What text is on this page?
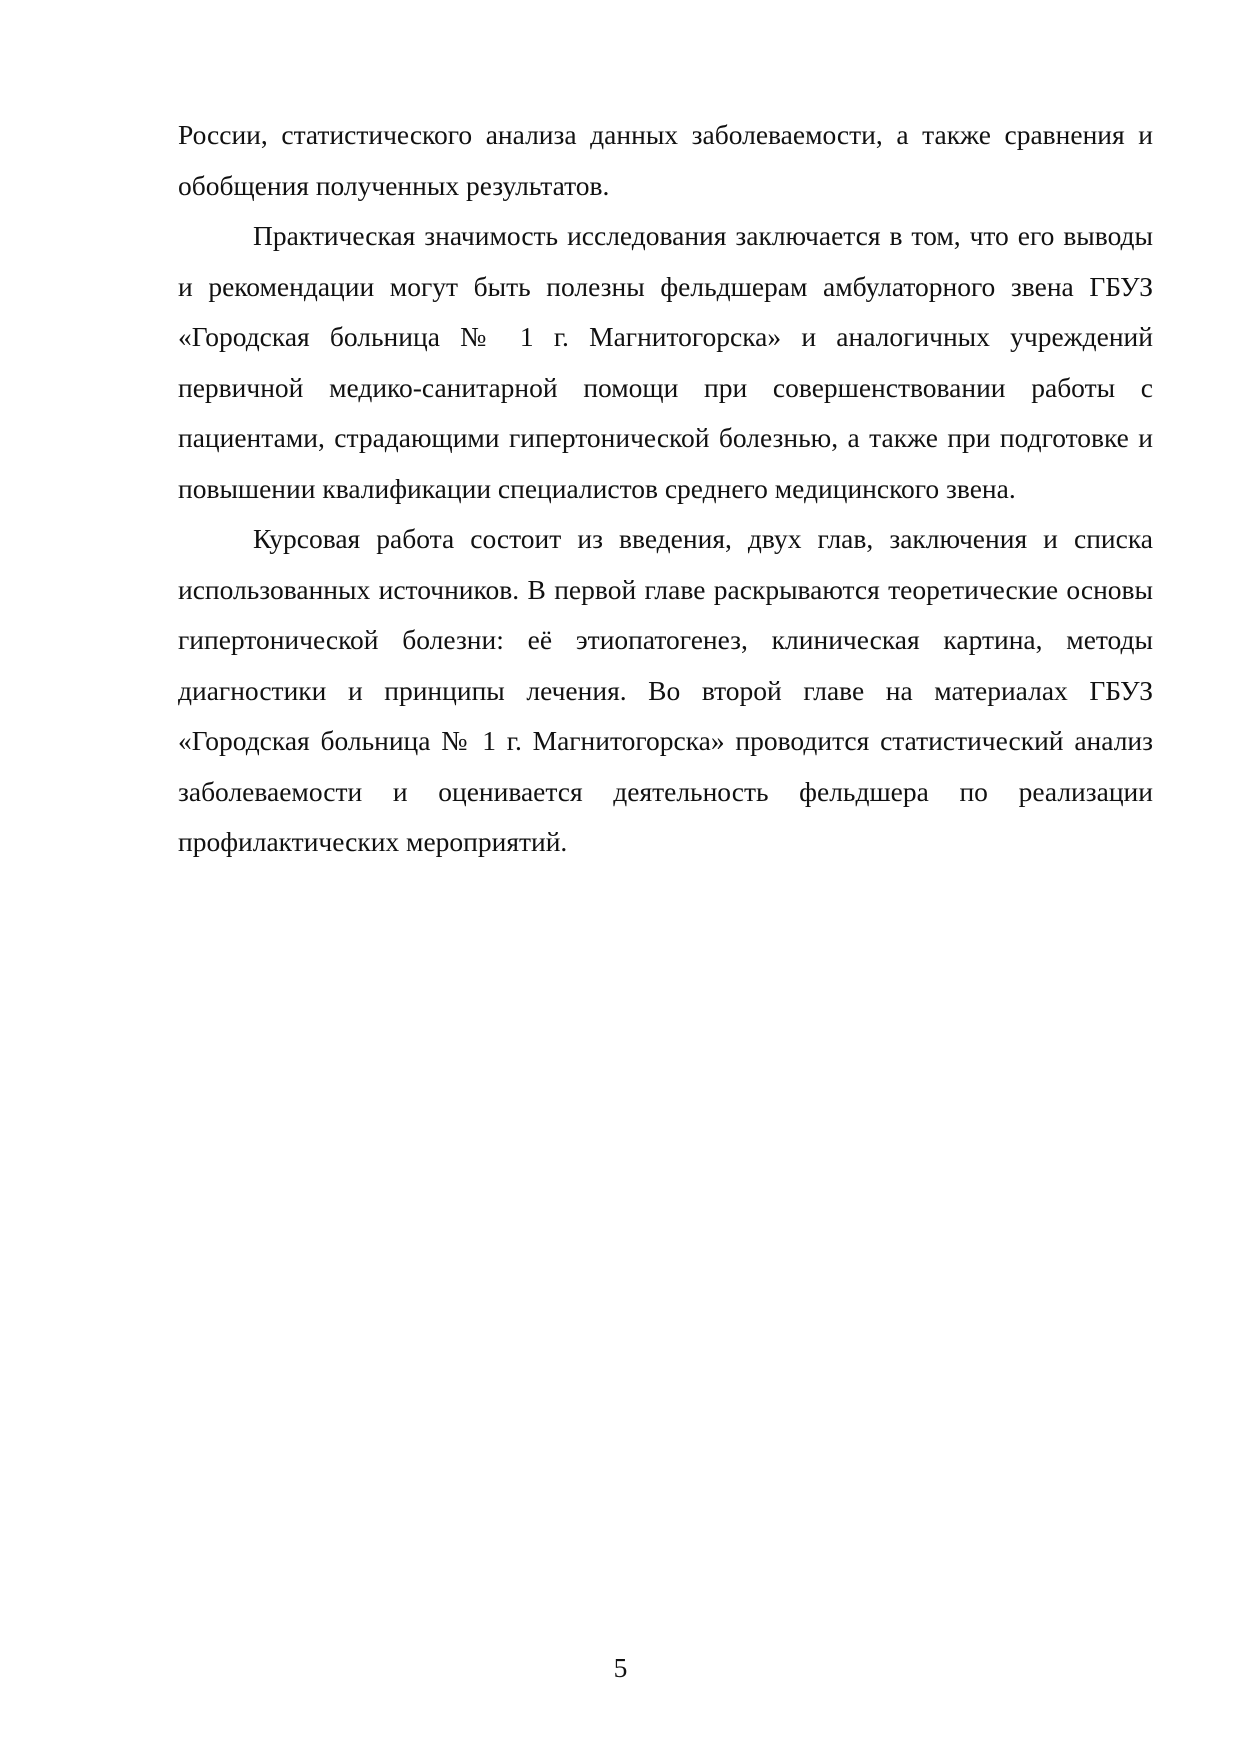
России, статистического анализа данных заболеваемости, а также сравнения и обобщения полученных результатов.

Практическая значимость исследования заключается в том, что его выводы и рекомендации могут быть полезны фельдшерам амбулаторного звена ГБУЗ «Городская больница № 1 г. Магнитогорска» и аналогичных учреждений первичной медико-санитарной помощи при совершенствовании работы с пациентами, страдающими гипертонической болезнью, а также при подготовке и повышении квалификации специалистов среднего медицинского звена.

Курсовая работа состоит из введения, двух глав, заключения и списка использованных источников. В первой главе раскрываются теоретические основы гипертонической болезни: её этиопатогенез, клиническая картина, методы диагностики и принципы лечения. Во второй главе на материалах ГБУЗ «Городская больница № 1 г. Магнитогорска» проводится статистический анализ заболеваемости и оценивается деятельность фельдшера по реализации профилактических мероприятий.

5
